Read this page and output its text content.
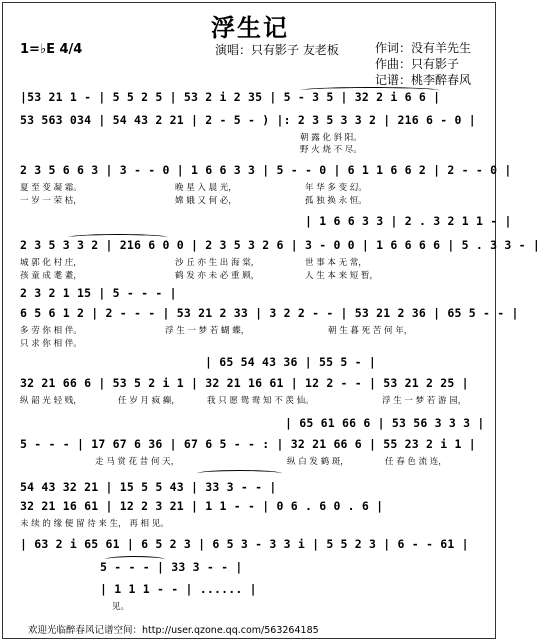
浮生记
1=♭E 4/4	演唱：只有影子 友老板	作词：没有羊先生
作曲：只有影子
记谱：桃李醉春风
|53 21 1 - | 5 5 2 5 | 53 2 i 2 35 | 5 - 3 5 | 32 2 i 6 6 |
53 563 034 | 54 43 2 21 | 2 - 5 - ) |: 2 3 5 3 3 2 | 216 6 - 0 |
朝 露 化 斜 阳。
野 火 烧 不 尽。
2 3 5 6 6 3 | 3 - - 0 | 1 6 6 3 3 | 5 - - 0 | 6 1 1 6 6 2 | 2 - - 0 |
夏 至 变 凝 霜。	晚 星 入 晨 光，	年 华 多 变 幻。
一 岁 一 荣 枯，	嫦 娥 又 何 必，	孤 独 换 永 恒。
| 1 6 6 3 3 | 2 . 3 2 1 1 - |
2 3 5 3 3 2 | 216 6 0 0 | 2 3 5 3 2 6 | 3 - 0 0 | 1 6 6 6 6 | 5 . 3 3 - |
城 郭 化 村 庄，	沙 丘 亦 生 出 海 棠，	世 事 本 无 常，
孩 童 成 耄 耋，	鹤 发 亦 未 必 重 顾，	人 生 本 来 短 暂，
2 3 2 1 15 | 5 - - - |
6 5 6 1 2 | 2 - - - | 53 21 2 33 | 3 2 2 - - | 53 21 2 36 | 65 5 - - |
多 劳 你 相 伴。	浮 生 一 梦 若 蝴 蝶，	朝 生 暮 死 苦 何 年，
只 求 你 相 伴。
| 65 54 43 36 | 55 5 - |
32 21 66 6 | 53 5 2 i 1 | 32 21 16 61 | 12 2 - - | 53 21 2 25 |
纵 韶 光 轻 贱，	任 岁 月 疯 癫，	我 只 愿 鸳 鸯 知 不 羡 仙。	浮 生 一 梦 若 游 园，
| 65 61 66 6 | 53 56 3 3 3 |
5 - - - | 17 67 6 36 | 67 6 5 - - : | 32 21 66 6 | 55 23 2 i 1 |
走 马 赏 花 昔 何 天，	纵 白 发 鹤 斑，	任 春 色 流 连，
54 43 32 21 | 15 5 5 43 | 33 3 - - |
32 21 16 61 | 12 2 3 21 | 1 1 - - | 0 6 . 6 0 . 6 |
未 续 的 缘 便 留 待 来 生， 再 相 见。
| 63 2 i 65 61 | 6 5 2 3 | 6 5 3 - 3 3 i | 5 5 2 3 | 6 - - 61 |
5 - - - | 33 3 - - |
| 1 1 1 - - | ...... |
见。
欢迎光临醉春风记谱空间：http://user.qzone.qq.com/563264185
